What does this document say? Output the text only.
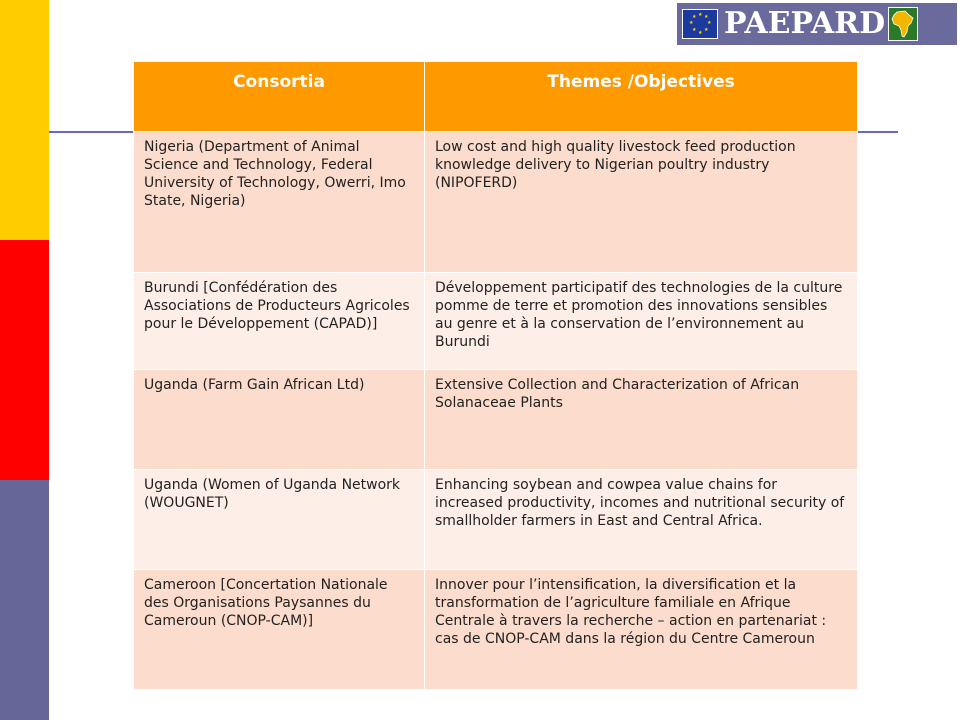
★ ★
★
★
★
★
★
★ PAEPARD
Consortia	Themes /Objectives
Nigeria (Department of Animal Science and Technology, Federal University of Technology, Owerri, Imo State, Nigeria)	Low cost and high quality livestock feed production knowledge delivery to Nigerian poultry industry (NIPOFERD)
Burundi [Confédération des Associations de Producteurs Agricoles pour le Développement (CAPAD)]	Développement participatif des technologies de la culture pomme de terre et promotion des innovations sensibles au genre et à la conservation de l’environnement au Burundi
Uganda (Farm Gain African Ltd)	Extensive Collection and Characterization of African Solanaceae Plants
Uganda (Women of Uganda Network (WOUGNET)	Enhancing soybean and cowpea value chains for increased productivity, incomes and nutritional security of smallholder farmers in East and Central Africa.
Cameroon [Concertation Nationale des Organisations Paysannes du Cameroun (CNOP-CAM)]	Innover pour l’intensification, la diversification et la transformation de l’agriculture familiale en Afrique Centrale à travers la recherche – action en partenariat : cas de CNOP-CAM dans la région du Centre Cameroun
